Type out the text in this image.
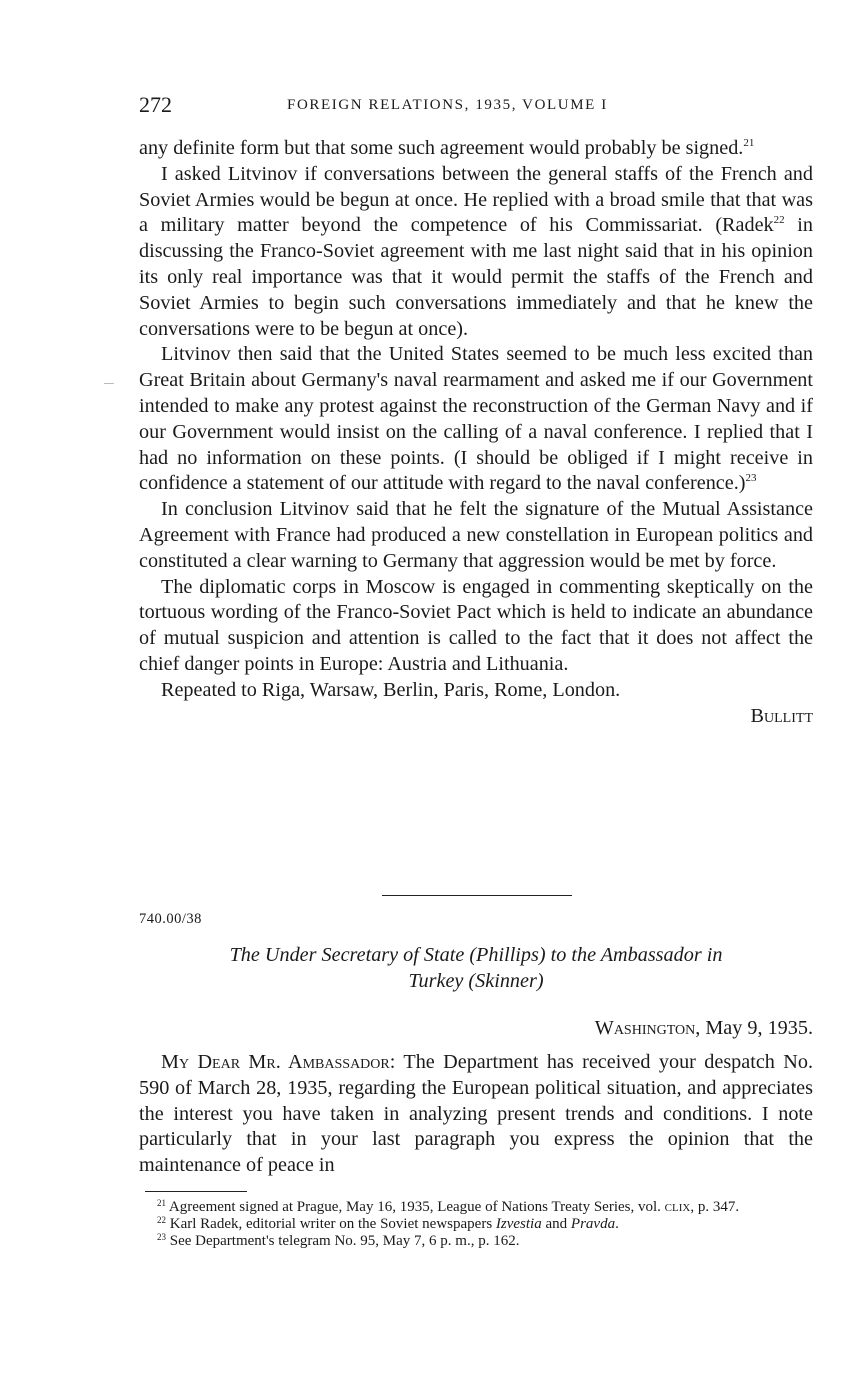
272	FOREIGN RELATIONS, 1935, VOLUME I

any definite form but that some such agreement would probably be signed.$^{21}$

I asked Litvinov if conversations between the general staffs of the French and Soviet Armies would be begun at once. He replied with a broad smile that that was a military matter beyond the competence of his Commissariat. (Radek$^{22}$ in discussing the Franco-Soviet agreement with me last night said that in his opinion its only real importance was that it would permit the staffs of the French and Soviet Armies to begin such conversations immediately and that he knew the conversations were to be begun at once).

Litvinov then said that the United States seemed to be much less excited than Great Britain about Germany's naval rearmament and asked me if our Government intended to make any protest against the reconstruction of the German Navy and if our Government would insist on the calling of a naval conference. I replied that I had no information on these points. (I should be obliged if I might receive in confidence a statement of our attitude with regard to the naval conference.)$^{23}$

In conclusion Litvinov said that he felt the signature of the Mutual Assistance Agreement with France had produced a new constellation in European politics and constituted a clear warning to Germany that aggression would be met by force.

The diplomatic corps in Moscow is engaged in commenting skeptically on the tortuous wording of the Franco-Soviet Pact which is held to indicate an abundance of mutual suspicion and attention is called to the fact that it does not affect the chief danger points in Europe: Austria and Lithuania.

Repeated to Riga, Warsaw, Berlin, Paris, Rome, London.

Bullitt

740.00/38
The Under Secretary of State (Phillips) to the Ambassador in
Turkey (Skinner)
Washington, May 9, 1935.

My Dear Mr. Ambassador: The Department has received your despatch No. 590 of March 28, 1935, regarding the European political situation, and appreciates the interest you have taken in analyzing present trends and conditions. I note particularly that in your last paragraph you express the opinion that the maintenance of peace in

$^{21}$ Agreement signed at Prague, May 16, 1935, League of Nations Treaty Series, vol. clix, p. 347.

$^{22}$ Karl Radek, editorial writer on the Soviet newspapers Izvestia and Pravda.

$^{23}$ See Department's telegram No. 95, May 7, 6 p. m., p. 162.
